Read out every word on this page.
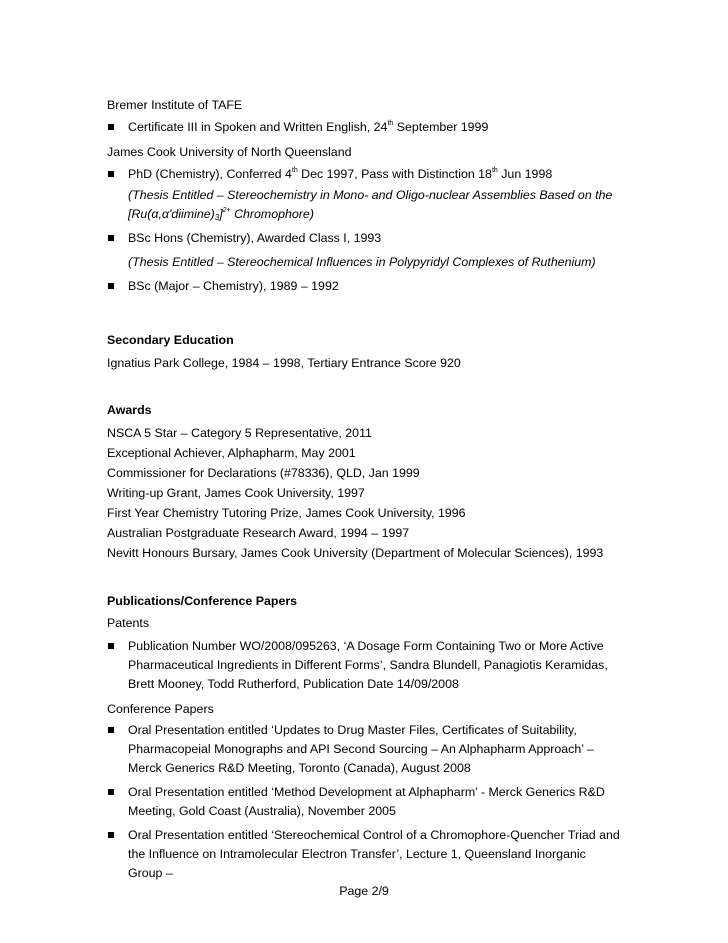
Bremer Institute of TAFE
Certificate III in Spoken and Written English, 24th September 1999
James Cook University of North Queensland
PhD (Chemistry), Conferred 4th Dec 1997, Pass with Distinction 18th Jun 1998
(Thesis Entitled – Stereochemistry in Mono- and Oligo-nuclear Assemblies Based on the
$[Ru(\alpha,\alpha'diimine)_3]^{2+}$ Chromophore)
BSc Hons (Chemistry), Awarded Class I, 1993
(Thesis Entitled – Stereochemical Influences in Polypyridyl Complexes of Ruthenium)
BSc (Major – Chemistry), 1989 – 1992
Secondary Education
Ignatius Park College, 1984 – 1998, Tertiary Entrance Score 920
Awards
NSCA 5 Star – Category 5 Representative, 2011
Exceptional Achiever, Alphapharm, May 2001
Commissioner for Declarations (#78336), QLD, Jan 1999
Writing-up Grant, James Cook University, 1997
First Year Chemistry Tutoring Prize, James Cook University, 1996
Australian Postgraduate Research Award, 1994 – 1997
Nevitt Honours Bursary, James Cook University (Department of Molecular Sciences), 1993
Publications/Conference Papers
Patents
Publication Number WO/2008/095263, ‘A Dosage Form Containing Two or More Active Pharmaceutical Ingredients in Different Forms’, Sandra Blundell, Panagiotis Keramidas, Brett Mooney, Todd Rutherford, Publication Date 14/09/2008
Conference Papers
Oral Presentation entitled ‘Updates to Drug Master Files, Certificates of Suitability, Pharmacopeial Monographs and API Second Sourcing – An Alphapharm Approach’ – Merck Generics R&D Meeting, Toronto (Canada), August 2008
Oral Presentation entitled ‘Method Development at Alphapharm’ - Merck Generics R&D Meeting, Gold Coast (Australia), November 2005
Oral Presentation entitled ‘Stereochemical Control of a Chromophore-Quencher Triad and the Influence on Intramolecular Electron Transfer’, Lecture 1, Queensland Inorganic Group –
Page 2/9
